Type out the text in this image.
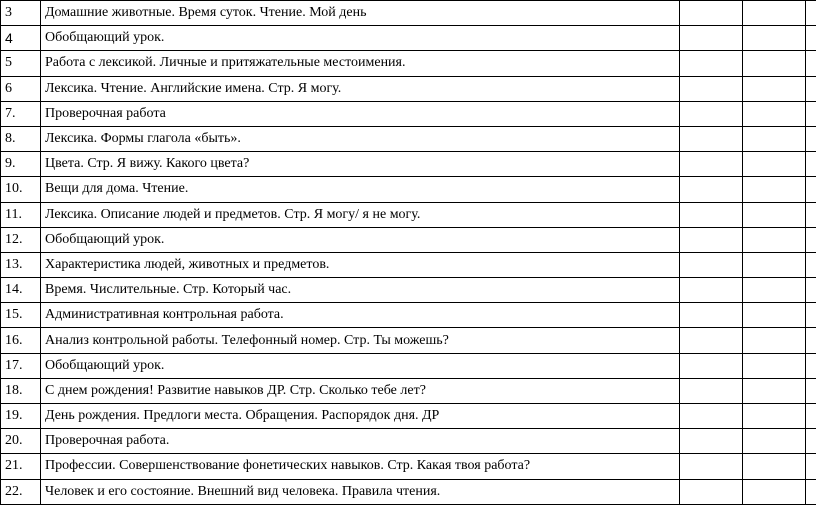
3	Домашние животные. Время суток. Чтение. Мой день			
4	Обобщающий урок.			
5	Работа с лексикой. Личные и притяжательные местоимения.			
6	Лексика. Чтение. Английские имена. Стр. Я могу.			
7.	Проверочная работа			
8.	Лексика. Формы глагола «быть».			
9.	Цвета. Стр. Я вижу. Какого цвета?			
10.	Вещи для дома. Чтение.			
11.	Лексика. Описание людей и предметов. Стр. Я могу/ я не могу.			
12.	Обобщающий урок.			
13.	Характеристика людей, животных и предметов.			
14.	Время. Числительные. Стр. Который час.			
15.	Административная контрольная работа.			
16.	Анализ контрольной работы. Телефонный номер. Стр. Ты можешь?			
17.	Обобщающий урок.			
18.	С днем рождения! Развитие навыков ДР. Стр. Сколько тебе лет?			
19.	День рождения. Предлоги места. Обращения. Распорядок дня. ДР			
20.	Проверочная работа.			
21.	Профессии. Совершенствование фонетических навыков. Стр. Какая твоя работа?			
22.	Человек и его состояние. Внешний вид человека. Правила чтения.			
